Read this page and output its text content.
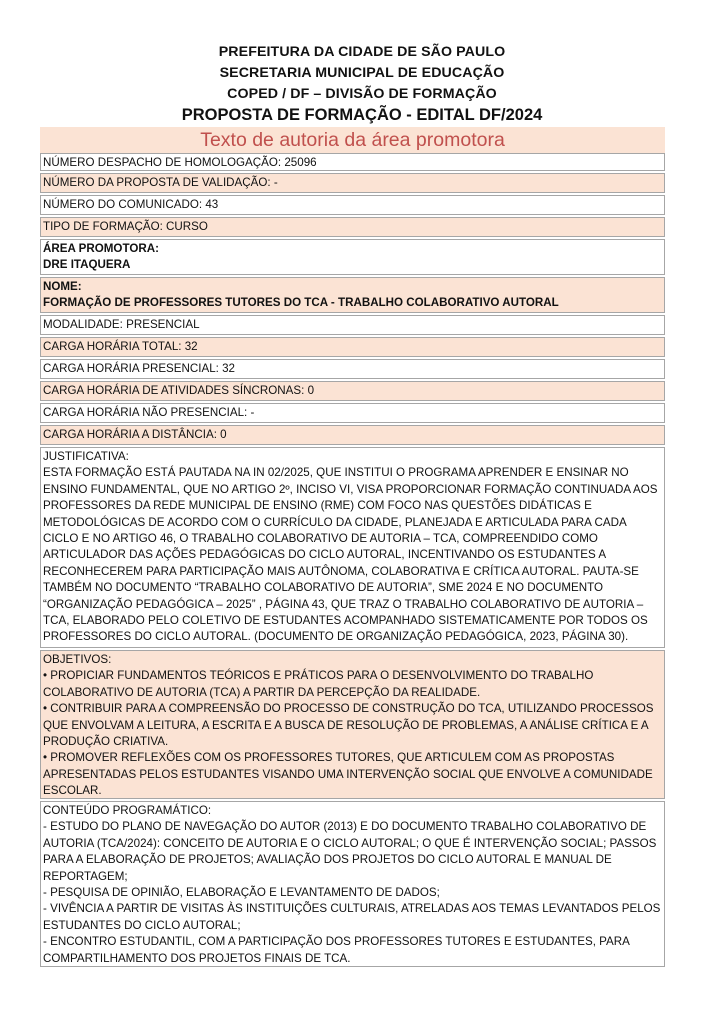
PREFEITURA DA CIDADE DE SÃO PAULO
SECRETARIA MUNICIPAL DE EDUCAÇÃO
COPED / DF – DIVISÃO DE FORMAÇÃO
PROPOSTA DE FORMAÇÃO - EDITAL DF/2024
Texto de autoria da área promotora
NÚMERO DESPACHO DE HOMOLOGAÇÃO: 25096
NÚMERO DA PROPOSTA DE VALIDAÇÃO: -
NÚMERO DO COMUNICADO: 43
TIPO DE FORMAÇÃO: CURSO
ÁREA PROMOTORA:
DRE ITAQUERA
NOME:
FORMAÇÃO DE PROFESSORES TUTORES DO TCA - TRABALHO COLABORATIVO AUTORAL
MODALIDADE: PRESENCIAL
CARGA HORÁRIA TOTAL: 32
CARGA HORÁRIA PRESENCIAL: 32
CARGA HORÁRIA DE ATIVIDADES SÍNCRONAS: 0
CARGA HORÁRIA NÃO PRESENCIAL: -
CARGA HORÁRIA A DISTÂNCIA: 0
JUSTIFICATIVA:
ESTA FORMAÇÃO ESTÁ PAUTADA NA IN 02/2025, QUE INSTITUI O PROGRAMA APRENDER E ENSINAR NO ENSINO FUNDAMENTAL, QUE NO ARTIGO 2º, INCISO VI, VISA PROPORCIONAR FORMAÇÃO CONTINUADA AOS PROFESSORES DA REDE MUNICIPAL DE ENSINO (RME) COM FOCO NAS QUESTÕES DIDÁTICAS E METODOLÓGICAS DE ACORDO COM O CURRÍCULO DA CIDADE, PLANEJADA E ARTICULADA PARA CADA CICLO E NO ARTIGO 46, O TRABALHO COLABORATIVO DE AUTORIA – TCA, COMPREENDIDO COMO ARTICULADOR DAS AÇÕES PEDAGÓGICAS DO CICLO AUTORAL, INCENTIVANDO OS ESTUDANTES A RECONHECEREM PARA PARTICIPAÇÃO MAIS AUTÔNOMA, COLABORATIVA E CRÍTICA AUTORAL. PAUTA-SE TAMBÉM NO DOCUMENTO “TRABALHO COLABORATIVO DE AUTORIA”, SME 2024 E NO DOCUMENTO “ORGANIZAÇÃO PEDAGÓGICA – 2025” , PÁGINA 43, QUE TRAZ O TRABALHO COLABORATIVO DE AUTORIA – TCA, ELABORADO PELO COLETIVO DE ESTUDANTES ACOMPANHADO SISTEMATICAMENTE POR TODOS OS PROFESSORES DO CICLO AUTORAL. (DOCUMENTO DE ORGANIZAÇÃO PEDAGÓGICA, 2023, PÁGINA 30).
OBJETIVOS:
• PROPICIAR FUNDAMENTOS TEÓRICOS E PRÁTICOS PARA O DESENVOLVIMENTO DO TRABALHO COLABORATIVO DE AUTORIA (TCA) A PARTIR DA PERCEPÇÃO DA REALIDADE.
• CONTRIBUIR PARA A COMPREENSÃO DO PROCESSO DE CONSTRUÇÃO DO TCA, UTILIZANDO PROCESSOS QUE ENVOLVAM A LEITURA, A ESCRITA E A BUSCA DE RESOLUÇÃO DE PROBLEMAS, A ANÁLISE CRÍTICA E A PRODUÇÃO CRIATIVA.
• PROMOVER REFLEXÕES COM OS PROFESSORES TUTORES, QUE ARTICULEM COM AS PROPOSTAS APRESENTADAS PELOS ESTUDANTES VISANDO UMA INTERVENÇÃO SOCIAL QUE ENVOLVE A COMUNIDADE ESCOLAR.
CONTEÚDO PROGRAMÁTICO:
- ESTUDO DO PLANO DE NAVEGAÇÃO DO AUTOR (2013) E DO DOCUMENTO TRABALHO COLABORATIVO DE AUTORIA (TCA/2024): CONCEITO DE AUTORIA E O CICLO AUTORAL; O QUE É INTERVENÇÃO SOCIAL; PASSOS PARA A ELABORAÇÃO DE PROJETOS; AVALIAÇÃO DOS PROJETOS DO CICLO AUTORAL E MANUAL DE REPORTAGEM;
- PESQUISA DE OPINIÃO, ELABORAÇÃO E LEVANTAMENTO DE DADOS;
- VIVÊNCIA A PARTIR DE VISITAS ÀS INSTITUIÇÕES CULTURAIS, ATRELADAS AOS TEMAS LEVANTADOS PELOS ESTUDANTES DO CICLO AUTORAL;
- ENCONTRO ESTUDANTIL, COM A PARTICIPAÇÃO DOS PROFESSORES TUTORES E ESTUDANTES, PARA COMPARTILHAMENTO DOS PROJETOS FINAIS DE TCA.
